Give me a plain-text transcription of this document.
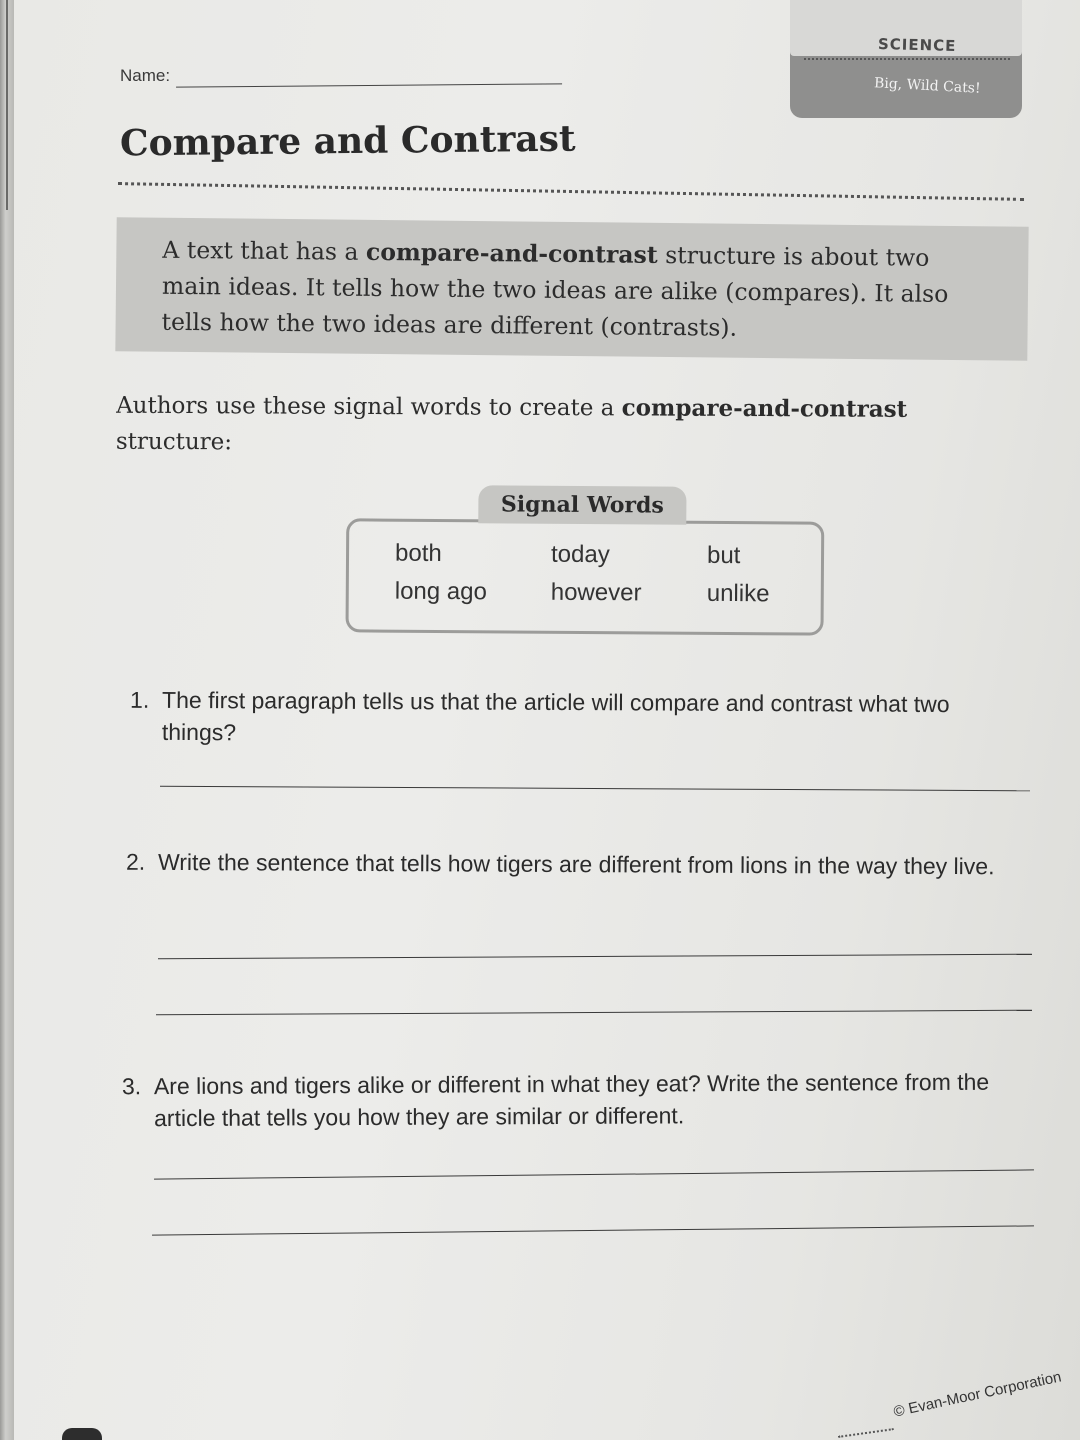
Name:
SCIENCE
Big, Wild Cats!
Compare and Contrast

A text that has a compare-and-contrast structure is about two main ideas. It tells how the two ideas are alike (compares). It also tells how the two ideas are different (contrasts).

Authors use these signal words to create a compare-and-contrast structure:
Signal Words
both	today	but
long ago	however	unlike
1. The first paragraph tells us that the article will compare and contrast what two things?
2. Write the sentence that tells how tigers are different from lions in the way they live.
3. Are lions and tigers alike or different in what they eat? Write the sentence from the article that tells you how they are similar or different.
© Evan-Moor Corporation
